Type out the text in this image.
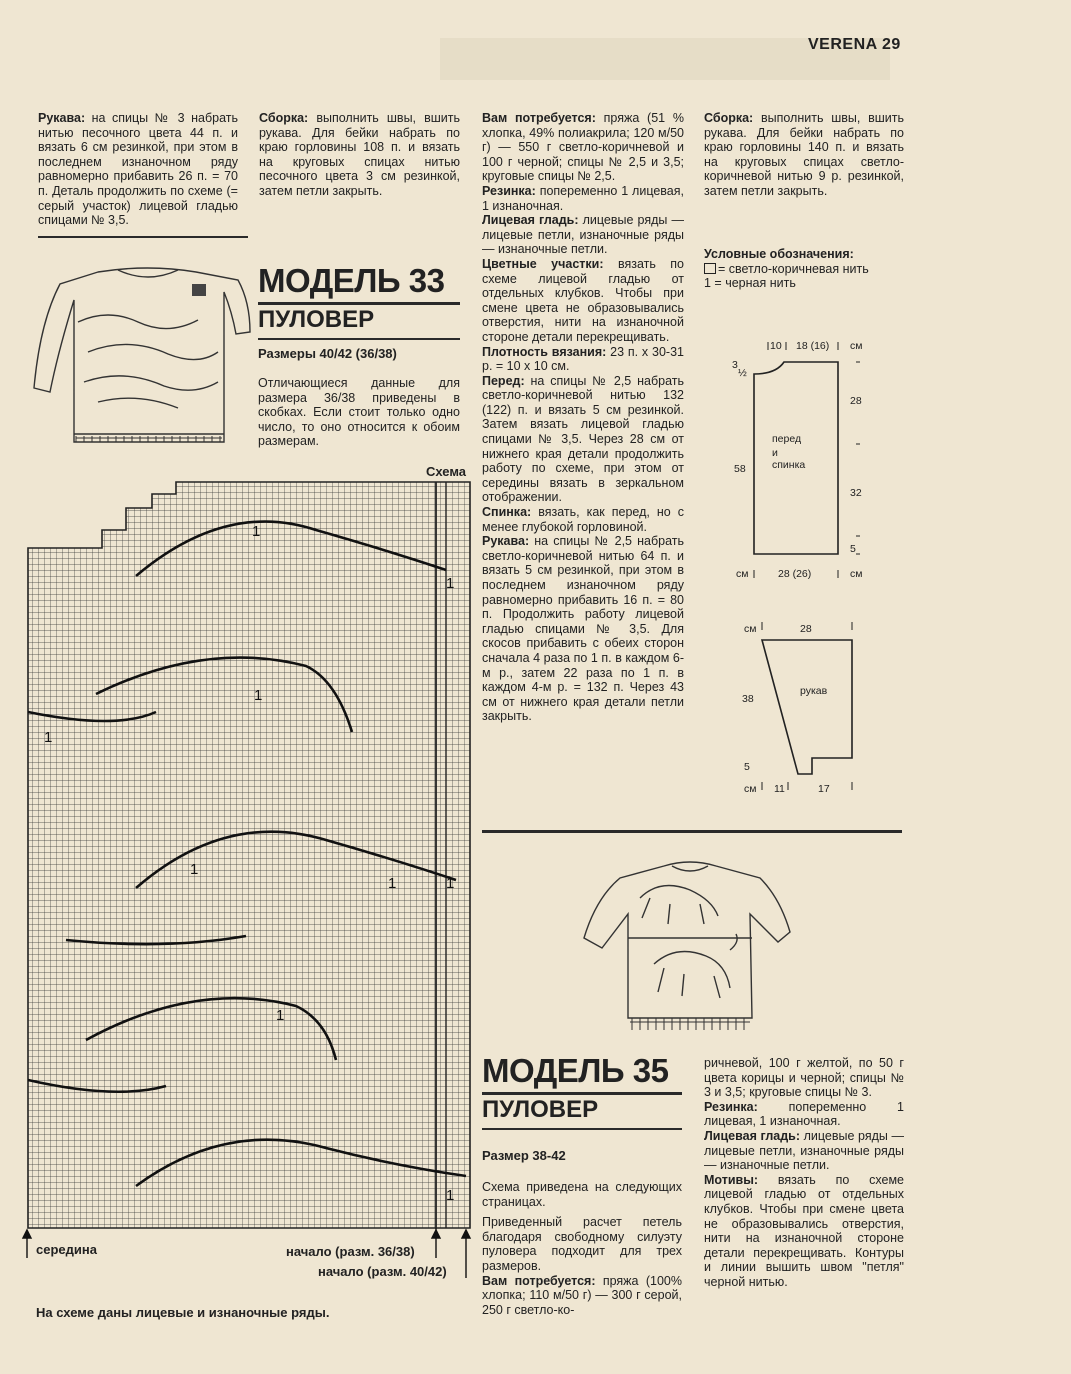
VERENA 29
Рукава: на спицы № 3 набрать нитью песочного цвета 44 п. и вязать 6 см резинкой, при этом в последнем изнаночном ряду равномерно прибавить 26 п. = 70 п. Деталь продолжить по схеме (= серый участок) лицевой гладью спицами № 3,5.
Сборка: выполнить швы, вшить рукава. Для бейки набрать по краю горловины 108 п. и вязать на круговых спицах нитью песочного цвета 3 см резинкой, затем петли закрыть.
МОДЕЛЬ 33
ПУЛОВЕР
Размеры 40/42 (36/38)
Отличающиеся данные для размера 36/38 приведены в скобках. Если стоит только одно число, то оно относится к обоим размерам.
Схема
1
1
1
1
1
1	1
1
1
середина	начало (разм. 36/38)
начало (разм. 40/42)
На схеме даны лицевые и изнаночные ряды.
Вам потребуется: пряжа (51 % хлопка, 49% полиакрила; 120 м/50 г) — 550 г светло-коричневой и 100 г черной; спицы № 2,5 и 3,5; круговые спицы № 2,5.
Резинка: попеременно 1 лицевая, 1 изнаночная.
Лицевая гладь: лицевые ряды — лицевые петли, изнаночные ряды — изнаночные петли.
Цветные участки: вязать по схеме лицевой гладью от отдельных клубков. Чтобы при смене цвета не образовывались отверстия, нити на изнаночной стороне детали перекрещивать.
Плотность вязания: 23 п. х 30-31 р. = 10 x 10 см.
Перед: на спицы № 2,5 набрать светло-коричневой нитью 132 (122) п. и вязать 5 см резинкой. Затем вязать лицевой гладью спицами № 3,5. Через 28 см от нижнего края детали продолжить работу по схеме, при этом от середины вязать в зеркальном отображении.
Спинка: вязать, как перед, но с менее глубокой горловиной.
Рукава: на спицы № 2,5 набрать светло-коричневой нитью 64 п. и вязать 5 см резинкой, при этом в последнем изнаночном ряду равномерно прибавить 16 п. = 80 п. Продолжить работу лицевой гладью спицами № 3,5. Для скосов прибавить с обеих сторон сначала 4 раза по 1 п. в каждом 6-м р., затем 22 раза по 1 п. в каждом 4-м р. = 132 п. Через 43 см от нижнего края детали петли закрыть.
Сборка: выполнить швы, вшить рукава. Для бейки набрать по краю горловины 140 п. и вязать на круговых спицах светло-коричневой нитью 9 р. резинкой, затем петли закрыть.
Условные обозначения:
= светло-коричневая нить
1 = черная нить
10 18 (16) см
3
½
28
58
32
5
см	28 (26)	см
перед
и
спинка
см	28
38
5
см 11	17
рукав
МОДЕЛЬ 35
ПУЛОВЕР
Размер 38-42
Схема приведена на следующих страницах.
Приведенный расчет петель благодаря свободному силуэту пуловера подходит для трех размеров.
Вам потребуется: пряжа (100% хлопка; 110 м/50 г) — 300 г серой, 250 г светло-ко-
ричневой, 100 г желтой, по 50 г цвета корицы и черной; спицы № 3 и 3,5; круговые спицы № 3.
Резинка: попеременно 1 лицевая, 1 изнаночная.
Лицевая гладь: лицевые ряды — лицевые петли, изнаночные ряды — изнаночные петли.
Мотивы: вязать по схеме лицевой гладью от отдельных клубков. Чтобы при смене цвета не образовывались отверстия, нити на изнаночной стороне детали перекрещивать. Контуры и линии вышить швом "петля" черной нитью.
